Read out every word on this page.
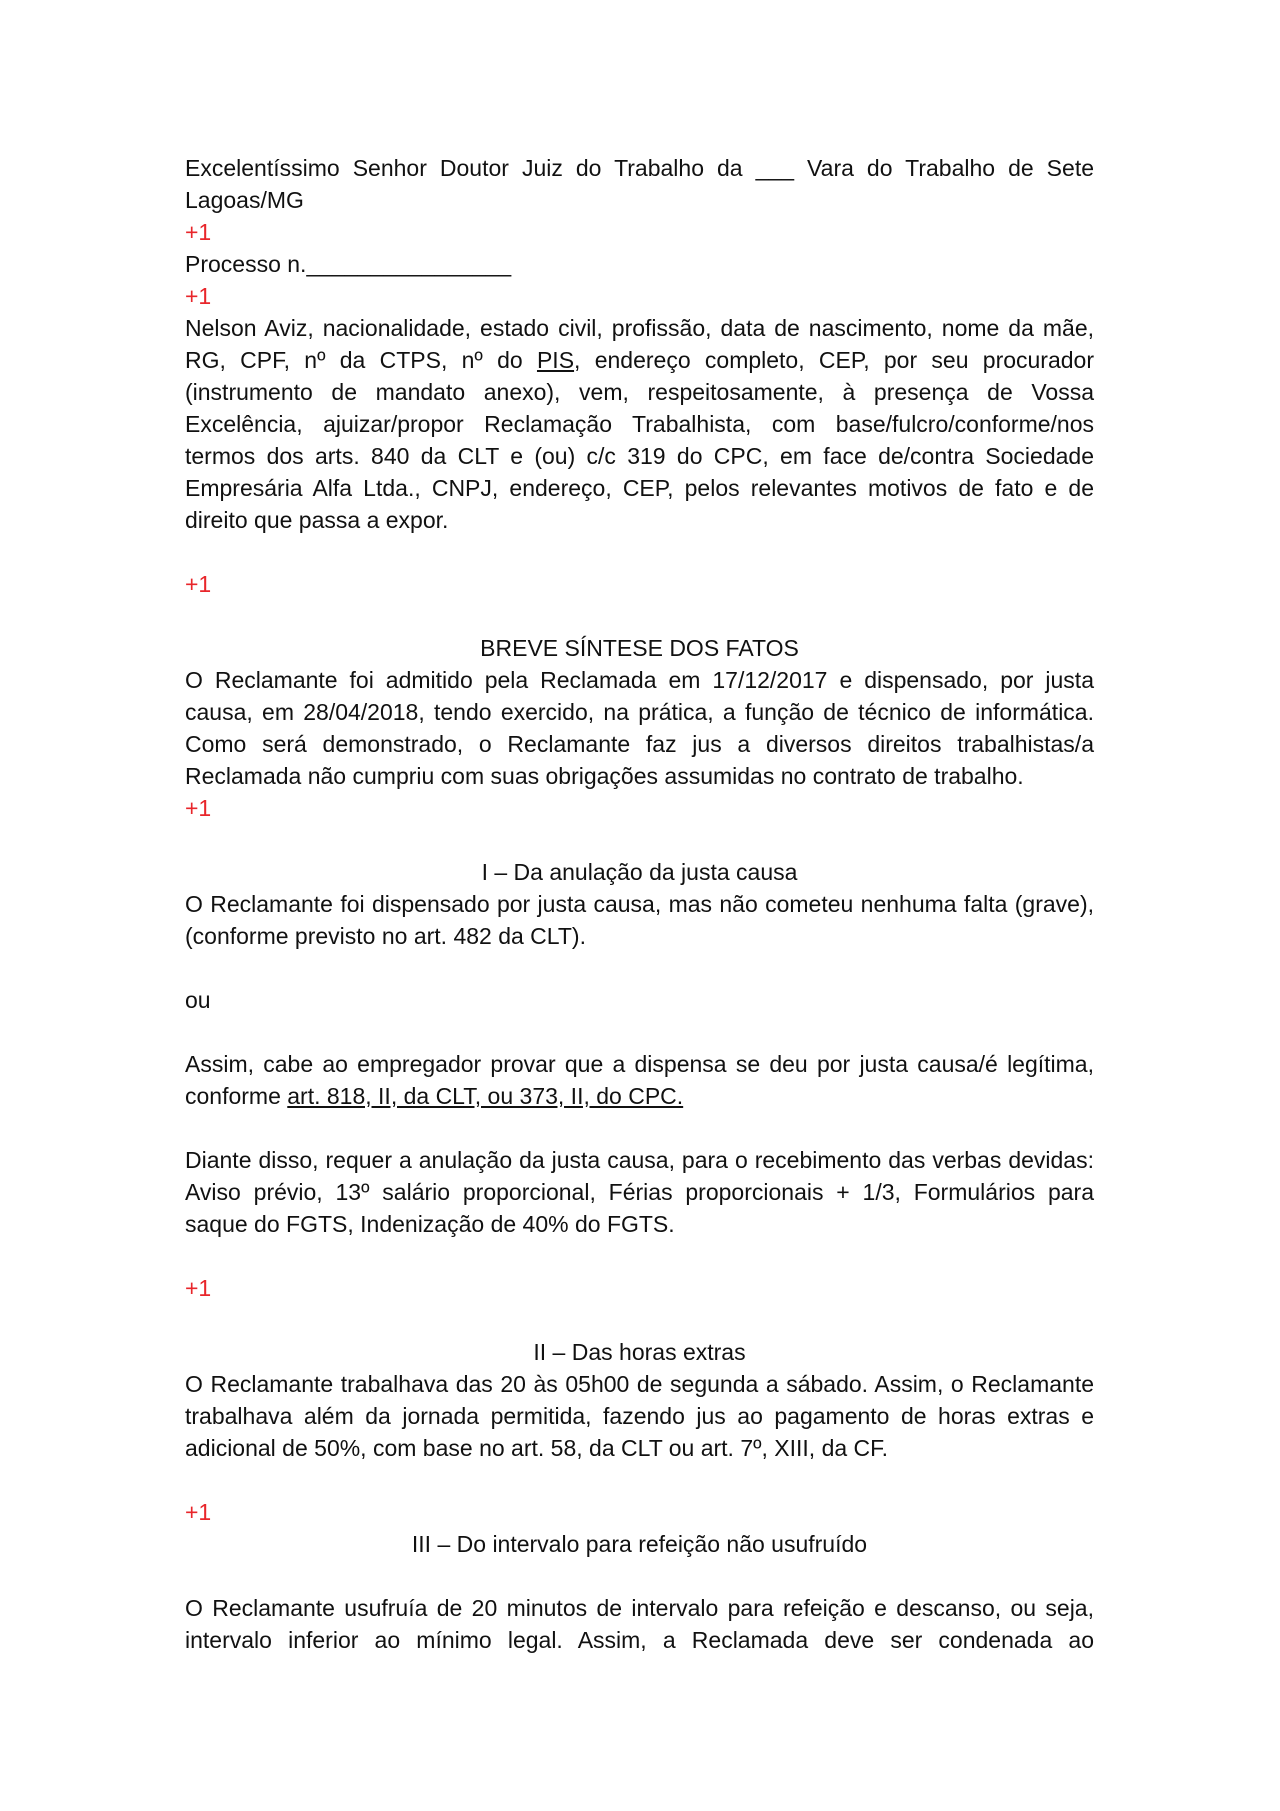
Excelentíssimo Senhor Doutor Juiz do Trabalho da ___ Vara do Trabalho de Sete Lagoas/MG

+1

Processo n.________________

+1

Nelson Aviz, nacionalidade, estado civil, profissão, data de nascimento, nome da mãe, RG, CPF, nº da CTPS, nº do PIS, endereço completo, CEP, por seu procurador (instrumento de mandato anexo), vem, respeitosamente, à presença de Vossa Excelência, ajuizar/propor Reclamação Trabalhista, com base/fulcro/conforme/nos termos dos arts. 840 da CLT e (ou) c/c 319 do CPC, em face de/contra Sociedade Empresária Alfa Ltda., CNPJ, endereço, CEP, pelos relevantes motivos de fato e de direito que passa a expor.

+1

BREVE SÍNTESE DOS FATOS

O Reclamante foi admitido pela Reclamada em 17/12/2017 e dispensado, por justa causa, em 28/04/2018, tendo exercido, na prática, a função de técnico de informática. Como será demonstrado, o Reclamante faz jus a diversos direitos trabalhistas/a Reclamada não cumpriu com suas obrigações assumidas no contrato de trabalho.

+1

I – Da anulação da justa causa

O Reclamante foi dispensado por justa causa, mas não cometeu nenhuma falta (grave), (conforme previsto no art. 482 da CLT).

ou

Assim, cabe ao empregador provar que a dispensa se deu por justa causa/é legítima, conforme art. 818, II, da CLT, ou 373, II, do CPC.

Diante disso, requer a anulação da justa causa, para o recebimento das verbas devidas: Aviso prévio, 13º salário proporcional, Férias proporcionais + 1/3, Formulários para saque do FGTS, Indenização de 40% do FGTS.

+1

II – Das horas extras

O Reclamante trabalhava das 20 às 05h00 de segunda a sábado. Assim, o Reclamante trabalhava além da jornada permitida, fazendo jus ao pagamento de horas extras e adicional de 50%, com base no art. 58, da CLT ou art. 7º, XIII, da CF.

+1

III – Do intervalo para refeição não usufruído

O Reclamante usufruía de 20 minutos de intervalo para refeição e descanso, ou seja, intervalo inferior ao mínimo legal. Assim, a Reclamada deve ser condenada ao
